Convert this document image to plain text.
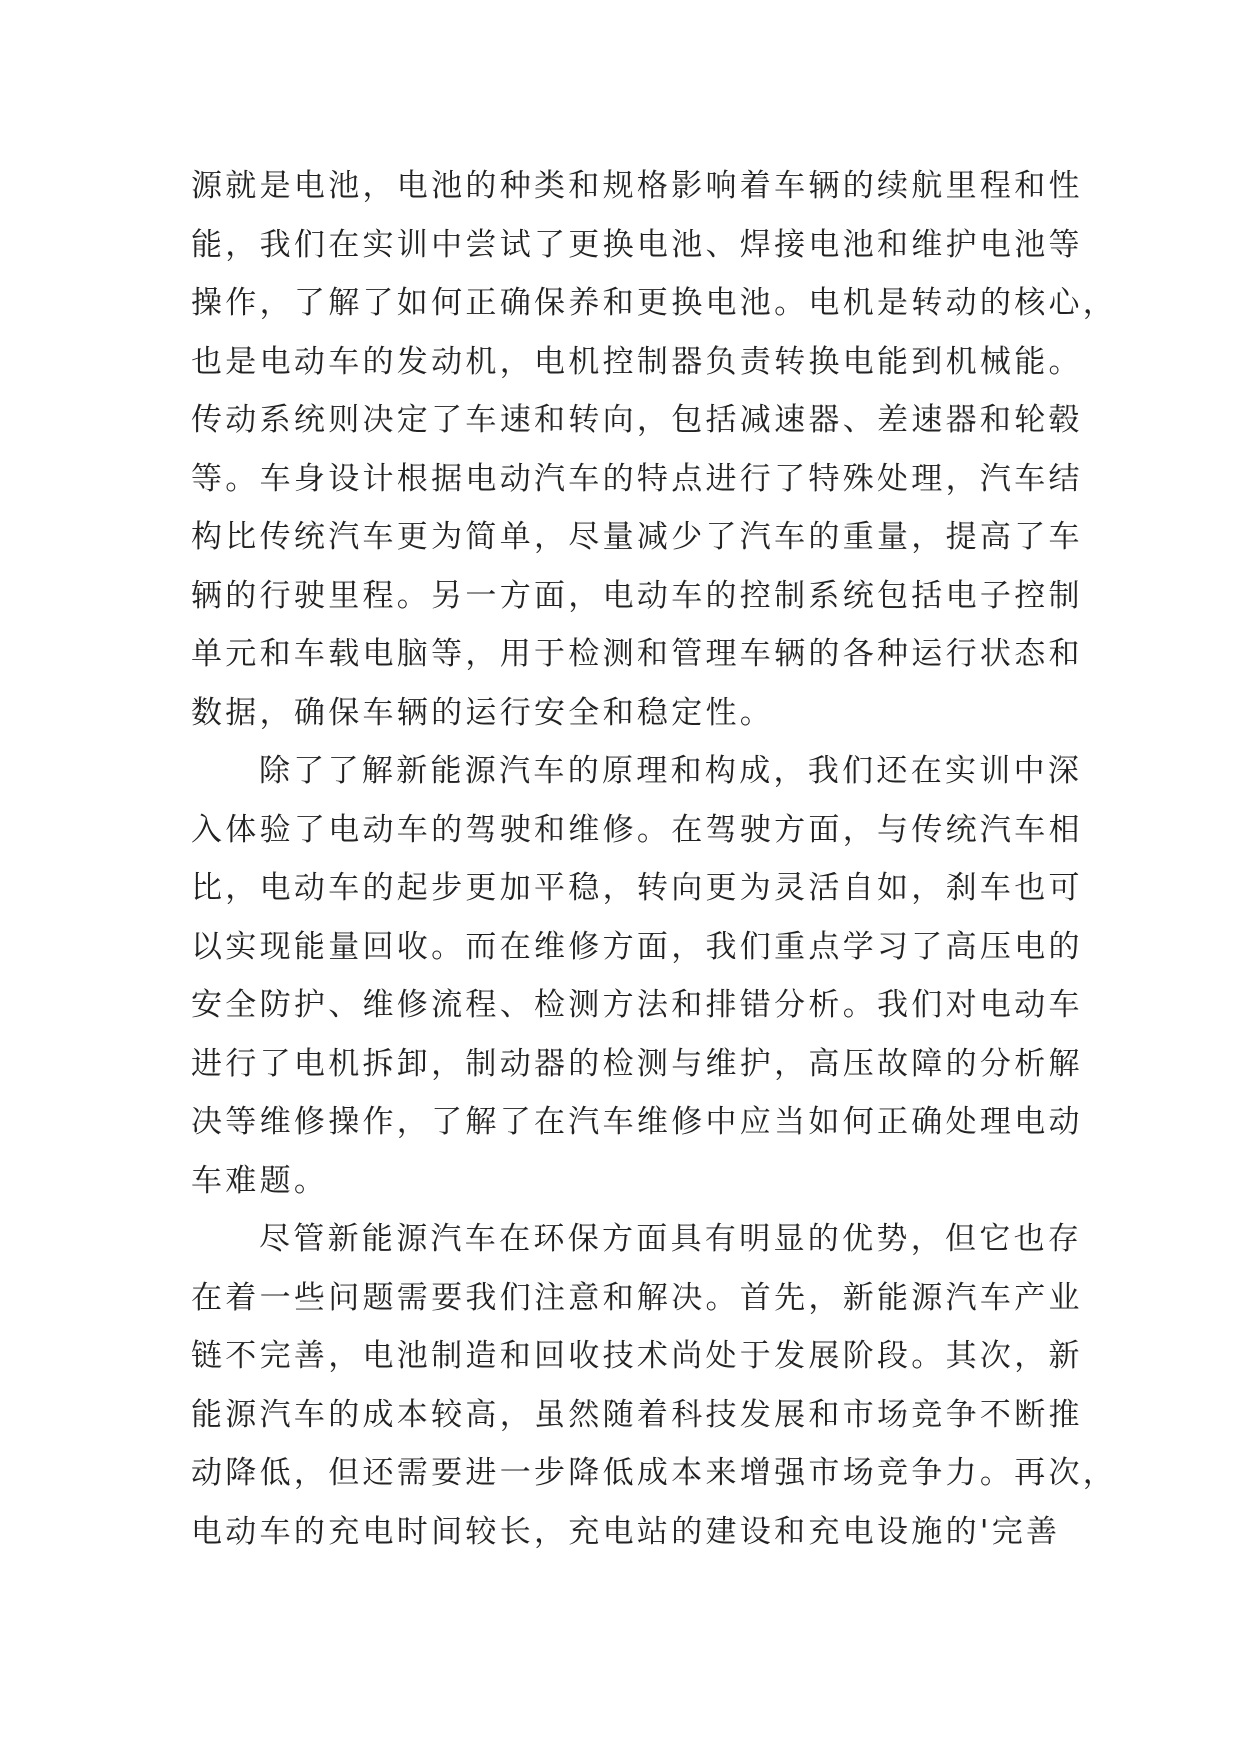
源就是电池，电池的种类和规格影响着车辆的续航里程和性
能，我们在实训中尝试了更换电池、焊接电池和维护电池等
操作，了解了如何正确保养和更换电池。电机是转动的核心，
也是电动车的发动机，电机控制器负责转换电能到机械能。
传动系统则决定了车速和转向，包括减速器、差速器和轮毂
等。车身设计根据电动汽车的特点进行了特殊处理，汽车结
构比传统汽车更为简单，尽量减少了汽车的重量，提高了车
辆的行驶里程。另一方面，电动车的控制系统包括电子控制
单元和车载电脑等，用于检测和管理车辆的各种运行状态和
数据，确保车辆的运行安全和稳定性。
除了了解新能源汽车的原理和构成，我们还在实训中深
入体验了电动车的驾驶和维修。在驾驶方面，与传统汽车相
比，电动车的起步更加平稳，转向更为灵活自如，刹车也可
以实现能量回收。而在维修方面，我们重点学习了高压电的
安全防护、维修流程、检测方法和排错分析。我们对电动车
进行了电机拆卸，制动器的检测与维护，高压故障的分析解
决等维修操作，了解了在汽车维修中应当如何正确处理电动
车难题。
尽管新能源汽车在环保方面具有明显的优势，但它也存
在着一些问题需要我们注意和解决。首先，新能源汽车产业
链不完善，电池制造和回收技术尚处于发展阶段。其次，新
能源汽车的成本较高，虽然随着科技发展和市场竞争不断推
动降低，但还需要进一步降低成本来增强市场竞争力。再次，
电动车的充电时间较长，充电站的建设和充电设施的'完善
